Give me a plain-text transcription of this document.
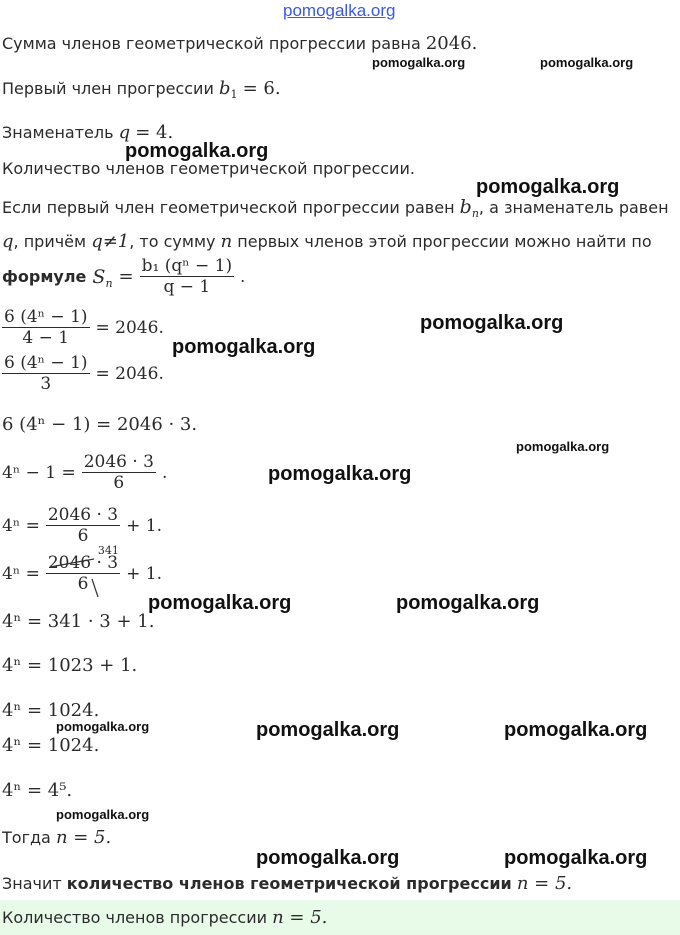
pomogalka.org
Сумма членов геометрической прогрессии равна 2046.
Первый член прогрессии $b_1 = 6$.
Знаменатель q = 4.
Количество членов геометрической прогрессии.
Если первый член геометрической прогрессии равен $b_n$, а знаменатель равен
q, причём q≠1, то сумму n первых членов этой прогрессии можно найти по
формуле $S_n = \frac{\text{b₁ (qⁿ − 1)}}{q - 1}$ .
$\frac{\text{6 (4ⁿ − 1)}}{4 - 1} = 2046$.
$\frac{\text{6 (4ⁿ − 1)}}{3} = 2046$.
6 (4ⁿ − 1) = 2046 · 3.
$4^n - 1 = \frac{2046 \cdot 3}{6}$ .
$4^n = \frac{2046 \cdot 3}{6} + 1$.
4ⁿ =
2046 · 3
6
341
+ 1.
4ⁿ = 341 · 3 + 1.
4ⁿ = 1023 + 1.
4ⁿ = 1024.
4ⁿ = 1024.
4ⁿ = 4⁵.
Тогда n = 5.
Значит количество членов геометрической прогрессии n = 5.
Количество членов прогрессии n = 5.
pomogalka.org	pomogalka.org
pomogalka.org
pomogalka.org
pomogalka.org
pomogalka.org
pomogalka.org
pomogalka.org
pomogalka.org	pomogalka.org
pomogalka.org	pomogalka.org	pomogalka.org
pomogalka.org
pomogalka.org	pomogalka.org
